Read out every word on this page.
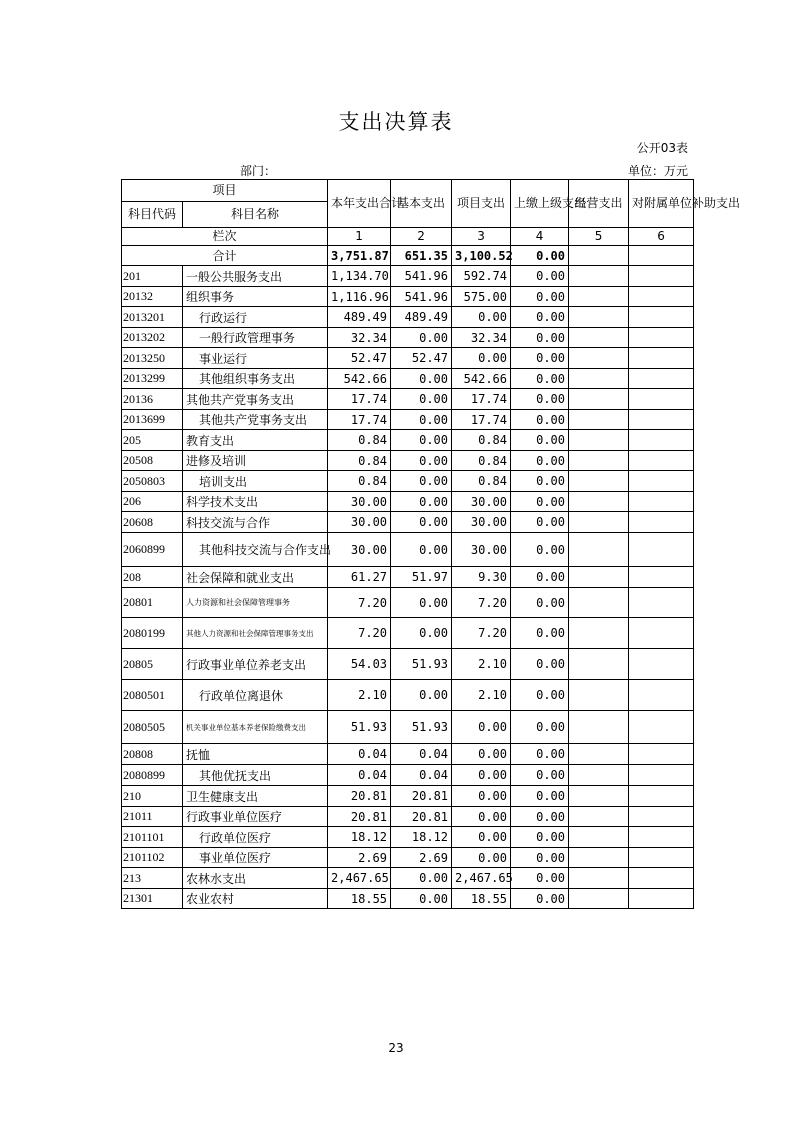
支出决算表
公开03表
部门：	单位：万元
项目		本年支出合计	基本支出	项目支出	上缴上级支出	经营支出	对附属单位补助支出
科目代码	科目名称						
栏次		1	2	3	4	5	6
合计		3,751.87	651.35	3,100.52	0.00		
201	一般公共服务支出	1,134.70	541.96	592.74	0.00		
20132	组织事务	1,116.96	541.96	575.00	0.00		
2013201	行政运行	489.49	489.49	0.00	0.00		
2013202	一般行政管理事务	32.34	0.00	32.34	0.00		
2013250	事业运行	52.47	52.47	0.00	0.00		
2013299	其他组织事务支出	542.66	0.00	542.66	0.00		
20136	其他共产党事务支出	17.74	0.00	17.74	0.00		
2013699	其他共产党事务支出	17.74	0.00	17.74	0.00		
205	教育支出	0.84	0.00	0.84	0.00		
20508	进修及培训	0.84	0.00	0.84	0.00		
2050803	培训支出	0.84	0.00	0.84	0.00		
206	科学技术支出	30.00	0.00	30.00	0.00		
20608	科技交流与合作	30.00	0.00	30.00	0.00		
2060899	其他科技交流与合作支出	30.00	0.00	30.00	0.00		
208	社会保障和就业支出	61.27	51.97	9.30	0.00		
20801	人力资源和社会保障管理事务	7.20	0.00	7.20	0.00		
2080199	其他人力资源和社会保障管理事务支出	7.20	0.00	7.20	0.00		
20805	行政事业单位养老支出	54.03	51.93	2.10	0.00		
2080501	行政单位离退休	2.10	0.00	2.10	0.00		
2080505	机关事业单位基本养老保险缴费支出	51.93	51.93	0.00	0.00		
20808	抚恤	0.04	0.04	0.00	0.00		
2080899	其他优抚支出	0.04	0.04	0.00	0.00		
210	卫生健康支出	20.81	20.81	0.00	0.00		
21011	行政事业单位医疗	20.81	20.81	0.00	0.00		
2101101	行政单位医疗	18.12	18.12	0.00	0.00		
2101102	事业单位医疗	2.69	2.69	0.00	0.00		
213	农林水支出	2,467.65	0.00	2,467.65	0.00		
21301	农业农村	18.55	0.00	18.55	0.00		
23
